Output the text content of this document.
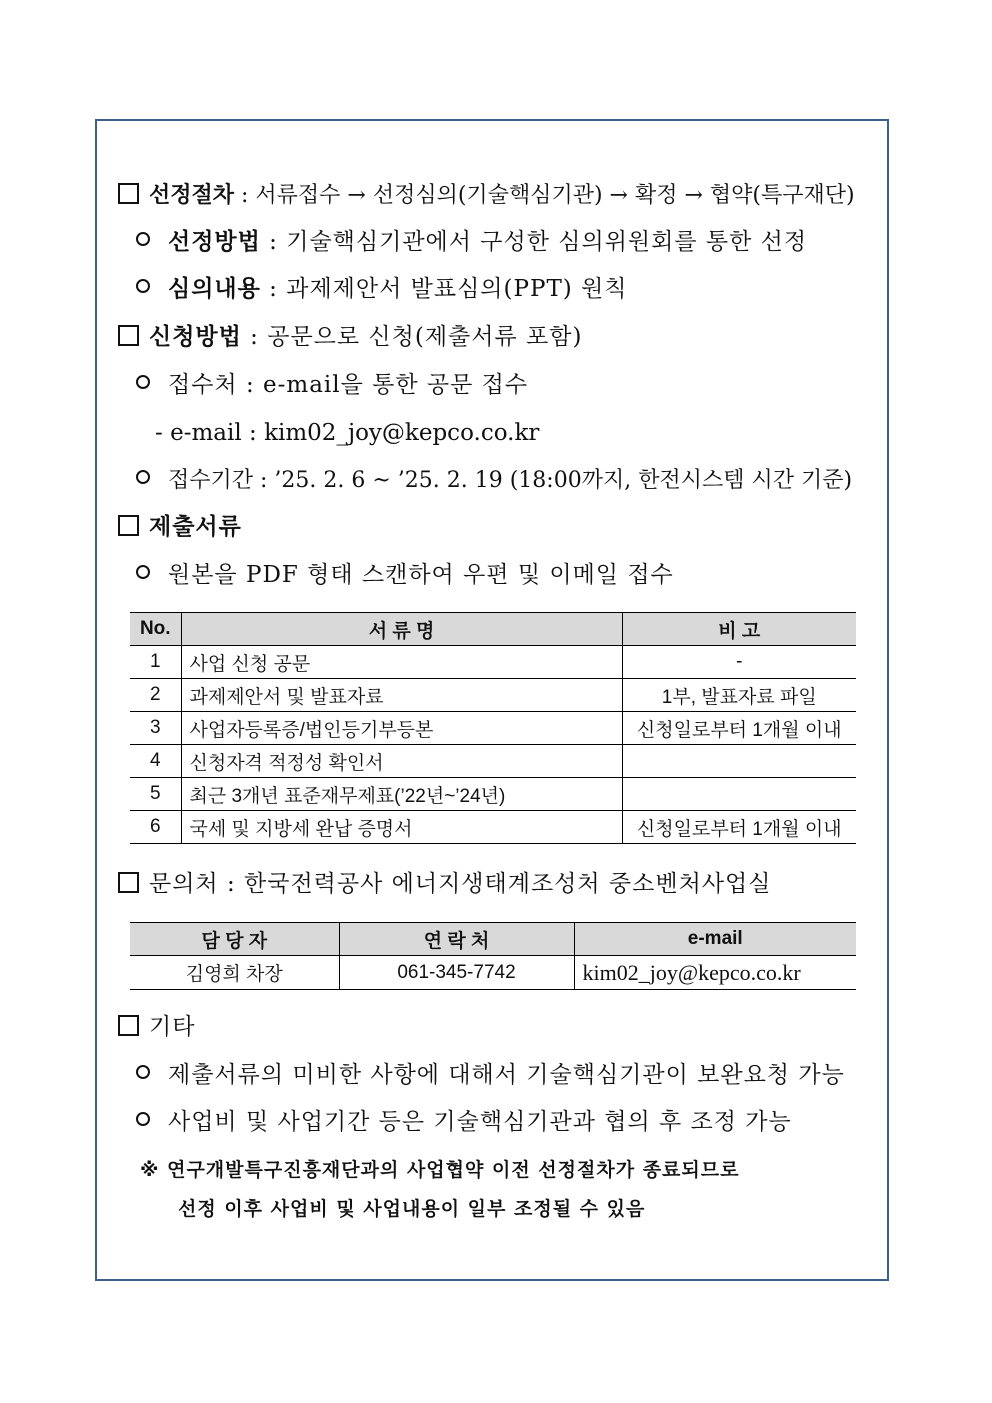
선정절차 : 서류접수 → 선정심의(기술핵심기관) → 확정 → 협약(특구재단)
선정방법 : 기술핵심기관에서 구성한 심의위원회를 통한 선정
심의내용 : 과제제안서 발표심의(PPT) 원칙
신청방법 : 공문으로 신청(제출서류 포함)
접수처 : e-mail을 통한 공문 접수
- e-mail : kim02_joy@kepco.co.kr
접수기간 : ’25. 2. 6 ~ ’25. 2. 19 (18:00까지, 한전시스템 시간 기준)
제출서류
원본을 PDF 형태 스캔하여 우편 및 이메일 접수
No.	서 류 명	비 고
1	사업 신청 공문	-
2	과제제안서 및 발표자료	1부, 발표자료 파일
3	사업자등록증/법인등기부등본	신청일로부터 1개월 이내
4	신청자격 적정성 확인서	
5	최근 3개년 표준재무제표(’22년~’24년)	
6	국세 및 지방세 완납 증명서	신청일로부터 1개월 이내
문의처 : 한국전력공사 에너지생태계조성처 중소벤처사업실
담 당 자	연 락 처	e-mail
김영희 차장	061-345-7742	kim02_joy@kepco.co.kr
기타
제출서류의 미비한 사항에 대해서 기술핵심기관이 보완요청 가능
사업비 및 사업기간 등은 기술핵심기관과 협의 후 조정 가능
※ 연구개발특구진흥재단과의 사업협약 이전 선정절차가 종료되므로
선정 이후 사업비 및 사업내용이 일부 조정될 수 있음
